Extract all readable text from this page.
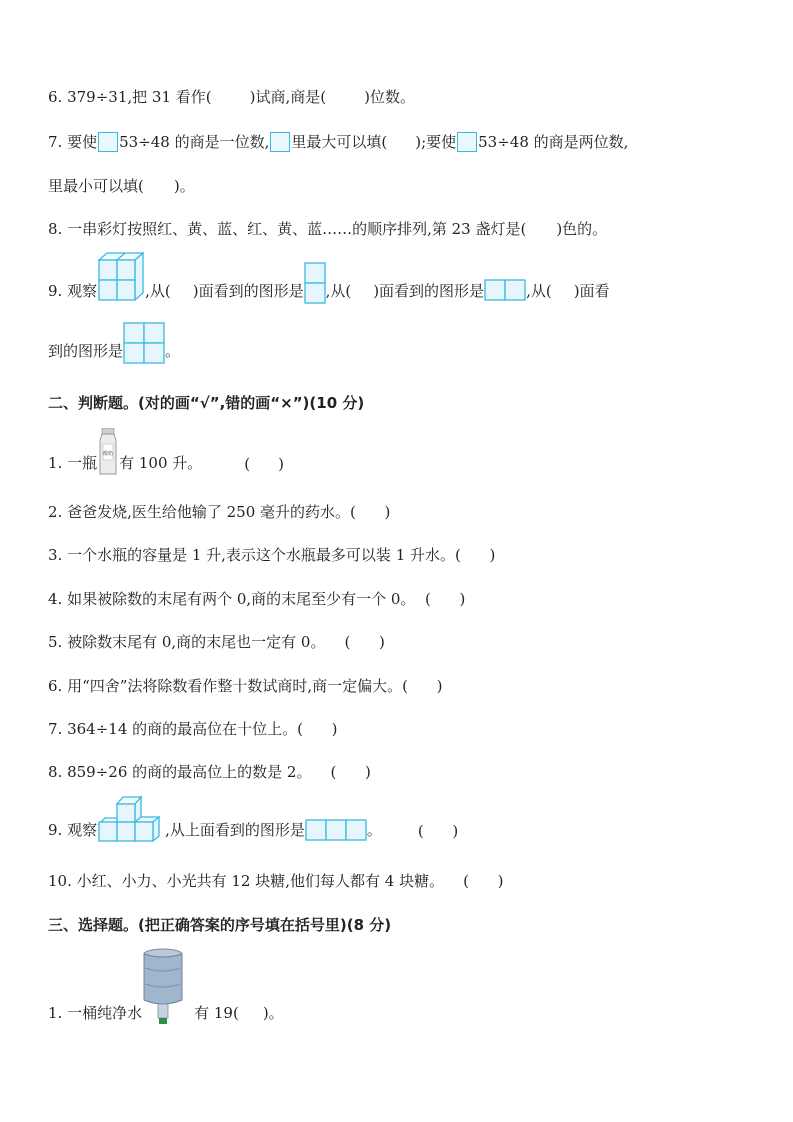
6. 379÷31,把 31 看作(	)试商,商是(	)位数。
7. 要使 53÷48 的商是一位数, 里最大可以填( );要使 53÷48 的商是两位数,
里最小可以填( )。
8. 一串彩灯按照红、黄、蓝、红、黄、蓝……的顺序排列,第 23 盏灯是( )色的。
9. 观察	,从( )面看到的图形是 ,从( )面看到的图形是	,从( )面看
到的图形是	。
二、判断题。(对的画“√”,错的画“×”)(10 分)
1. 一瓶 酸奶 有 100 升。	( )
2. 爸爸发烧,医生给他输了 250 毫升的药水。(      )
3. 一个水瓶的容量是 1 升,表示这个水瓶最多可以装 1 升水。(      )
4. 如果被除数的末尾有两个 0,商的末尾至少有一个 0。  (      )
5. 被除数末尾有 0,商的末尾也一定有 0。    (      )
6. 用“四舍”法将除数看作整十数试商时,商一定偏大。(      )
7. 364÷14 的商的最高位在十位上。(      )
8. 859÷26 的商的最高位上的数是 2。    (      )
9. 观察	,从上面看到的图形是	。 (      )
10. 小红、小力、小光共有 12 块糖,他们每人都有 4 块糖。    (      )
三、选择题。(把正确答案的序号填在括号里)(8 分)
1. 一桶纯净水	有 19( )。
